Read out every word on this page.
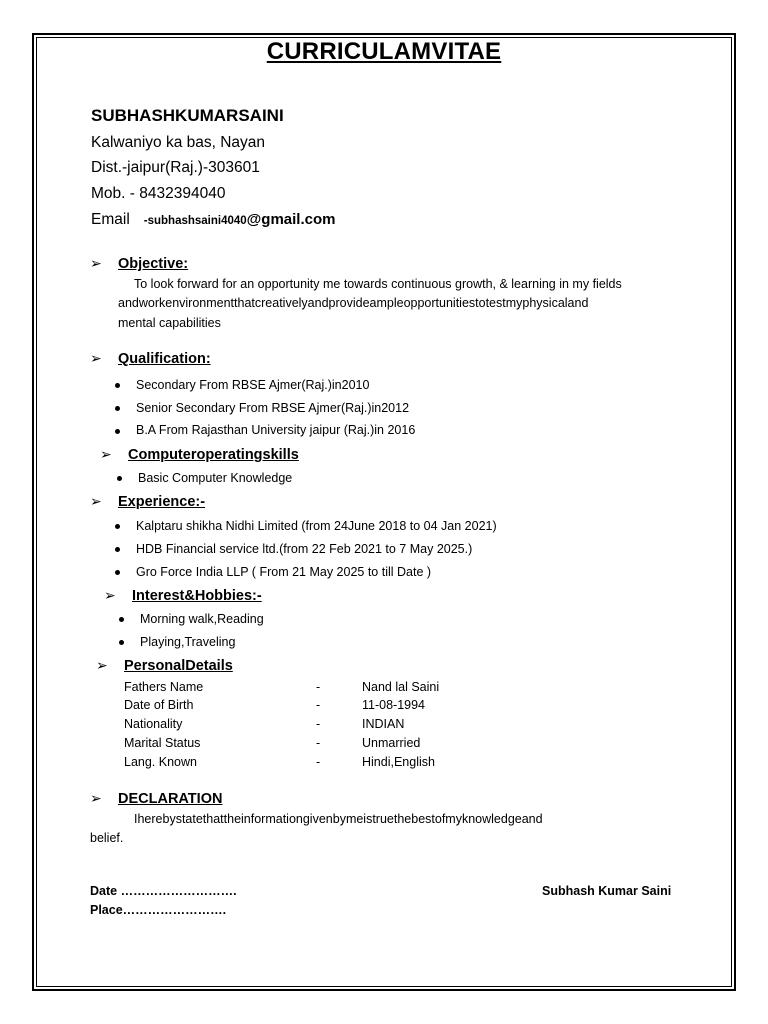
CURRICULAMVITAE
SUBHASHKUMARSAINI
Kalwaniyo ka bas, Nayan
Dist.-jaipur(Raj.)-303601
Mob. - 8432394040
Email -subhashsaini4040@gmail.com
➢ Objective:
To look forward for an opportunity me towards continuous growth, & learning in my fields
andworkenvironmentthatcreativelyandprovideampleopportunitiestotestmyphysicaland
mental capabilities
➢ Qualification:
Secondary From RBSE Ajmer(Raj.)in2010
Senior Secondary From RBSE Ajmer(Raj.)in2012
B.A From Rajasthan University jaipur (Raj.)in 2016
➢ Computeroperatingskills
Basic Computer Knowledge
➢ Experience:-
Kalptaru shikha Nidhi Limited (from 24June 2018 to 04 Jan 2021)
HDB Financial service ltd.(from 22 Feb 2021 to 7 May 2025.)
Gro Force India LLP ( From 21 May 2025 to till Date )
➢ Interest&Hobbies:-
Morning walk,Reading
Playing,Traveling
➢ PersonalDetails
Fathers Name	-	Nand lal Saini
Date of Birth	-	11-08-1994
Nationality	-	INDIAN
Marital Status	-	Unmarried
Lang. Known	-	Hindi,English
➢ DECLARATION
Iherebystatethattheinformationgivenbymeistruethebestofmyknowledgeand
belief.
Date ……………………….
Place…………………….
Subhash Kumar Saini
